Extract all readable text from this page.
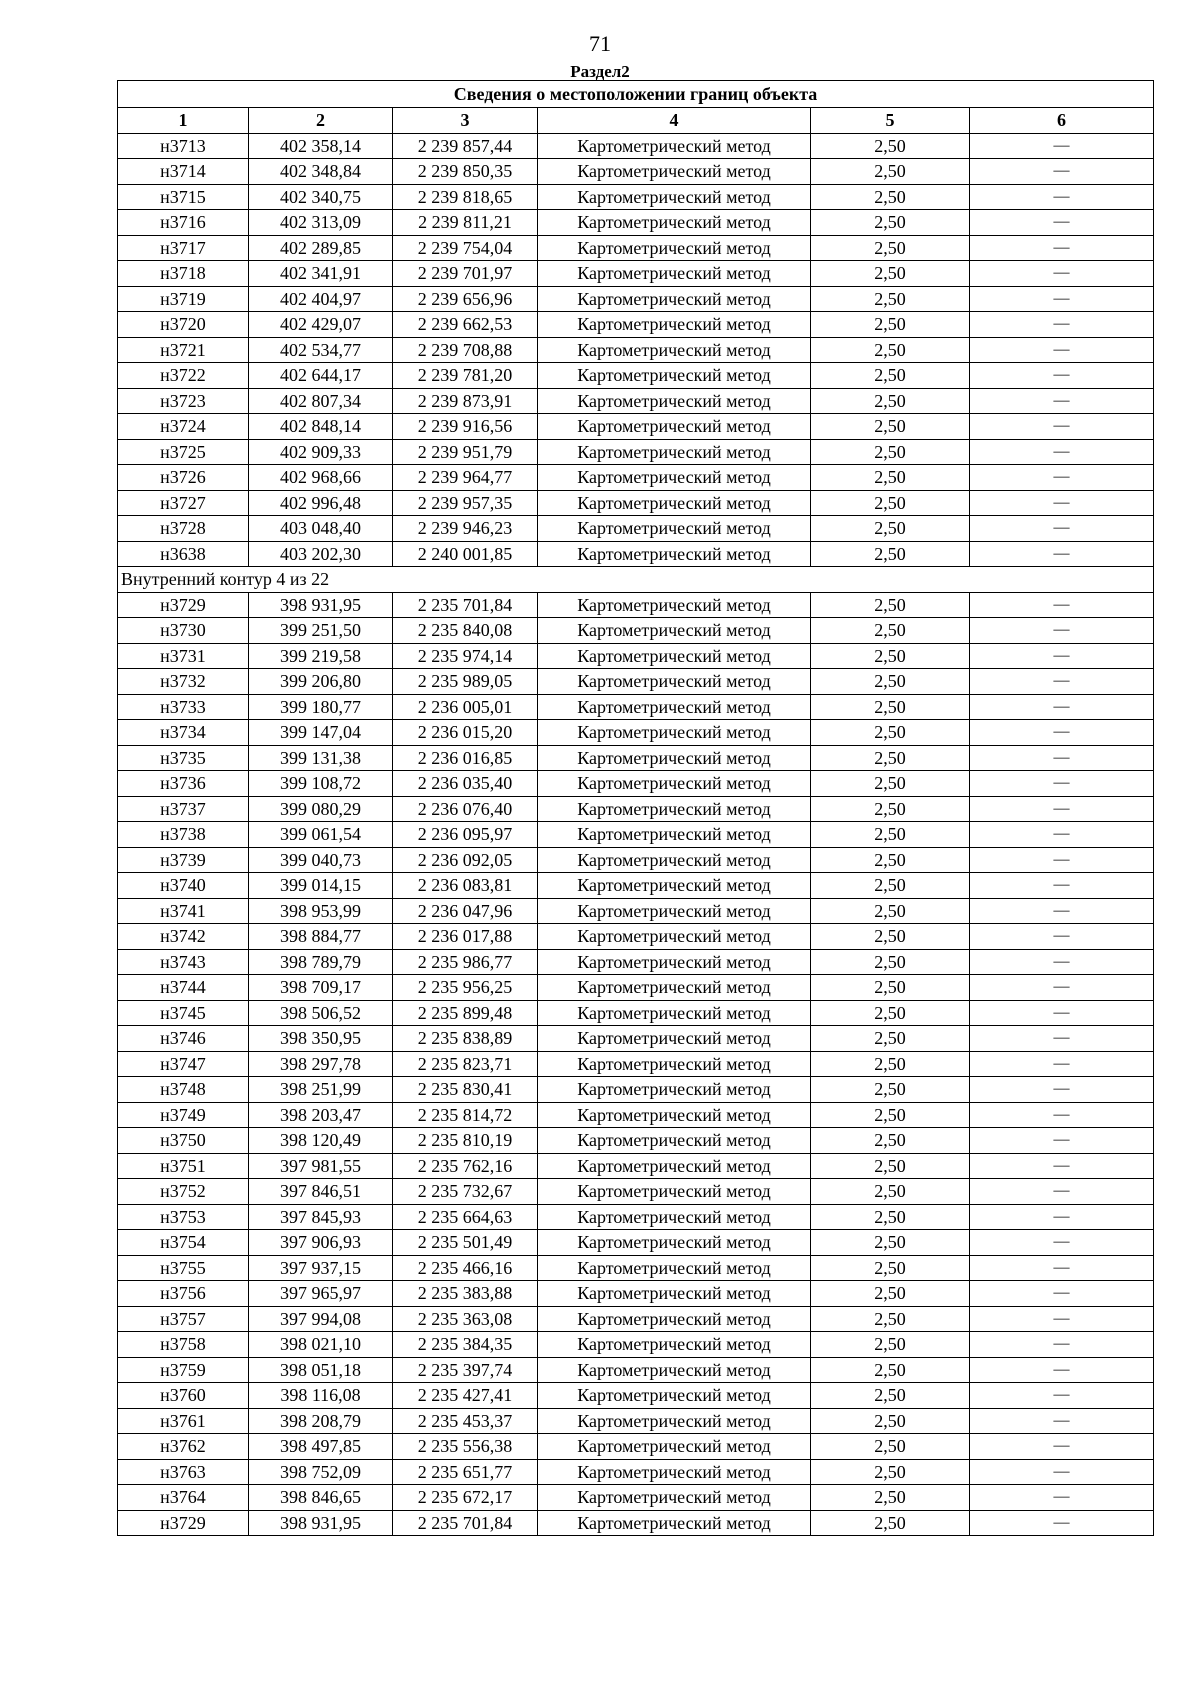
71
Раздел2
Сведения о местоположении границ объекта					
1	2	3	4	5	6
н3713	402 358,14	2 239 857,44	Картометрический метод	2,50	—
н3714	402 348,84	2 239 850,35	Картометрический метод	2,50	—
н3715	402 340,75	2 239 818,65	Картометрический метод	2,50	—
н3716	402 313,09	2 239 811,21	Картометрический метод	2,50	—
н3717	402 289,85	2 239 754,04	Картометрический метод	2,50	—
н3718	402 341,91	2 239 701,97	Картометрический метод	2,50	—
н3719	402 404,97	2 239 656,96	Картометрический метод	2,50	—
н3720	402 429,07	2 239 662,53	Картометрический метод	2,50	—
н3721	402 534,77	2 239 708,88	Картометрический метод	2,50	—
н3722	402 644,17	2 239 781,20	Картометрический метод	2,50	—
н3723	402 807,34	2 239 873,91	Картометрический метод	2,50	—
н3724	402 848,14	2 239 916,56	Картометрический метод	2,50	—
н3725	402 909,33	2 239 951,79	Картометрический метод	2,50	—
н3726	402 968,66	2 239 964,77	Картометрический метод	2,50	—
н3727	402 996,48	2 239 957,35	Картометрический метод	2,50	—
н3728	403 048,40	2 239 946,23	Картометрический метод	2,50	—
н3638	403 202,30	2 240 001,85	Картометрический метод	2,50	—
Внутренний контур 4 из 22					
н3729	398 931,95	2 235 701,84	Картометрический метод	2,50	—
н3730	399 251,50	2 235 840,08	Картометрический метод	2,50	—
н3731	399 219,58	2 235 974,14	Картометрический метод	2,50	—
н3732	399 206,80	2 235 989,05	Картометрический метод	2,50	—
н3733	399 180,77	2 236 005,01	Картометрический метод	2,50	—
н3734	399 147,04	2 236 015,20	Картометрический метод	2,50	—
н3735	399 131,38	2 236 016,85	Картометрический метод	2,50	—
н3736	399 108,72	2 236 035,40	Картометрический метод	2,50	—
н3737	399 080,29	2 236 076,40	Картометрический метод	2,50	—
н3738	399 061,54	2 236 095,97	Картометрический метод	2,50	—
н3739	399 040,73	2 236 092,05	Картометрический метод	2,50	—
н3740	399 014,15	2 236 083,81	Картометрический метод	2,50	—
н3741	398 953,99	2 236 047,96	Картометрический метод	2,50	—
н3742	398 884,77	2 236 017,88	Картометрический метод	2,50	—
н3743	398 789,79	2 235 986,77	Картометрический метод	2,50	—
н3744	398 709,17	2 235 956,25	Картометрический метод	2,50	—
н3745	398 506,52	2 235 899,48	Картометрический метод	2,50	—
н3746	398 350,95	2 235 838,89	Картометрический метод	2,50	—
н3747	398 297,78	2 235 823,71	Картометрический метод	2,50	—
н3748	398 251,99	2 235 830,41	Картометрический метод	2,50	—
н3749	398 203,47	2 235 814,72	Картометрический метод	2,50	—
н3750	398 120,49	2 235 810,19	Картометрический метод	2,50	—
н3751	397 981,55	2 235 762,16	Картометрический метод	2,50	—
н3752	397 846,51	2 235 732,67	Картометрический метод	2,50	—
н3753	397 845,93	2 235 664,63	Картометрический метод	2,50	—
н3754	397 906,93	2 235 501,49	Картометрический метод	2,50	—
н3755	397 937,15	2 235 466,16	Картометрический метод	2,50	—
н3756	397 965,97	2 235 383,88	Картометрический метод	2,50	—
н3757	397 994,08	2 235 363,08	Картометрический метод	2,50	—
н3758	398 021,10	2 235 384,35	Картометрический метод	2,50	—
н3759	398 051,18	2 235 397,74	Картометрический метод	2,50	—
н3760	398 116,08	2 235 427,41	Картометрический метод	2,50	—
н3761	398 208,79	2 235 453,37	Картометрический метод	2,50	—
н3762	398 497,85	2 235 556,38	Картометрический метод	2,50	—
н3763	398 752,09	2 235 651,77	Картометрический метод	2,50	—
н3764	398 846,65	2 235 672,17	Картометрический метод	2,50	—
н3729	398 931,95	2 235 701,84	Картометрический метод	2,50	—
